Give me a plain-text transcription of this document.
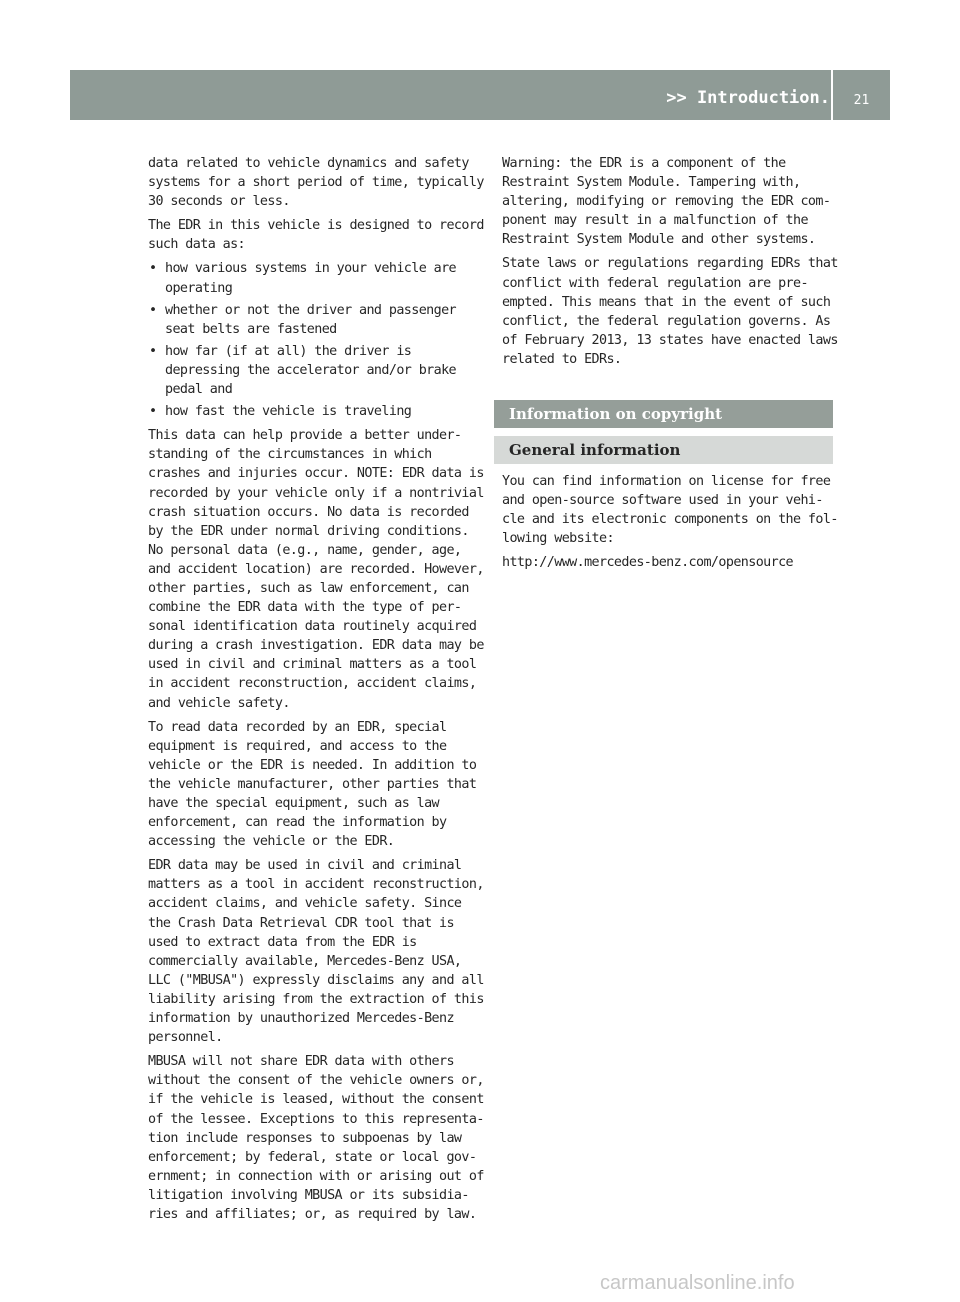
>> Introduction.	21

data related to vehicle dynamics and safety systems for a short period of time, typically 30 seconds or less.

The EDR in this vehicle is designed to record such data as:

• how various systems in your vehicle are operating
• whether or not the driver and passenger seat belts are fastened
• how far (if at all) the driver is depressing the accelerator and/or brake pedal and
• how fast the vehicle is traveling

This data can help provide a better under- standing of the circumstances in which crashes and injuries occur. NOTE: EDR data is recorded by your vehicle only if a nontrivial crash situation occurs. No data is recorded by the EDR under normal driving conditions. No personal data (e.g., name, gender, age, and accident location) are recorded. However, other parties, such as law enforcement, can combine the EDR data with the type of per- sonal identification data routinely acquired during a crash investigation. EDR data may be used in civil and criminal matters as a tool in accident reconstruction, accident claims, and vehicle safety.

To read data recorded by an EDR, special equipment is required, and access to the vehicle or the EDR is needed. In addition to the vehicle manufacturer, other parties that have the special equipment, such as law enforcement, can read the information by accessing the vehicle or the EDR.

EDR data may be used in civil and criminal matters as a tool in accident reconstruction, accident claims, and vehicle safety. Since the Crash Data Retrieval CDR tool that is used to extract data from the EDR is commercially available, Mercedes-Benz USA, LLC ("MBUSA") expressly disclaims any and all liability arising from the extraction of this information by unauthorized Mercedes-Benz personnel.

MBUSA will not share EDR data with others without the consent of the vehicle owners or, if the vehicle is leased, without the consent of the lessee. Exceptions to this representa- tion include responses to subpoenas by law enforcement; by federal, state or local gov- ernment; in connection with or arising out of litigation involving MBUSA or its subsidia- ries and affiliates; or, as required by law.

Warning: the EDR is a component of the Restraint System Module. Tampering with, altering, modifying or removing the EDR com- ponent may result in a malfunction of the Restraint System Module and other systems.

State laws or regulations regarding EDRs that conflict with federal regulation are pre- empted. This means that in the event of such conflict, the federal regulation governs. As of February 2013, 13 states have enacted laws related to EDRs.

Information on copyright
General information

You can find information on license for free and open-source software used in your vehi- cle and its electronic components on the fol- lowing website:

http://www.mercedes-benz.com/opensource

carmanualsonline.info
